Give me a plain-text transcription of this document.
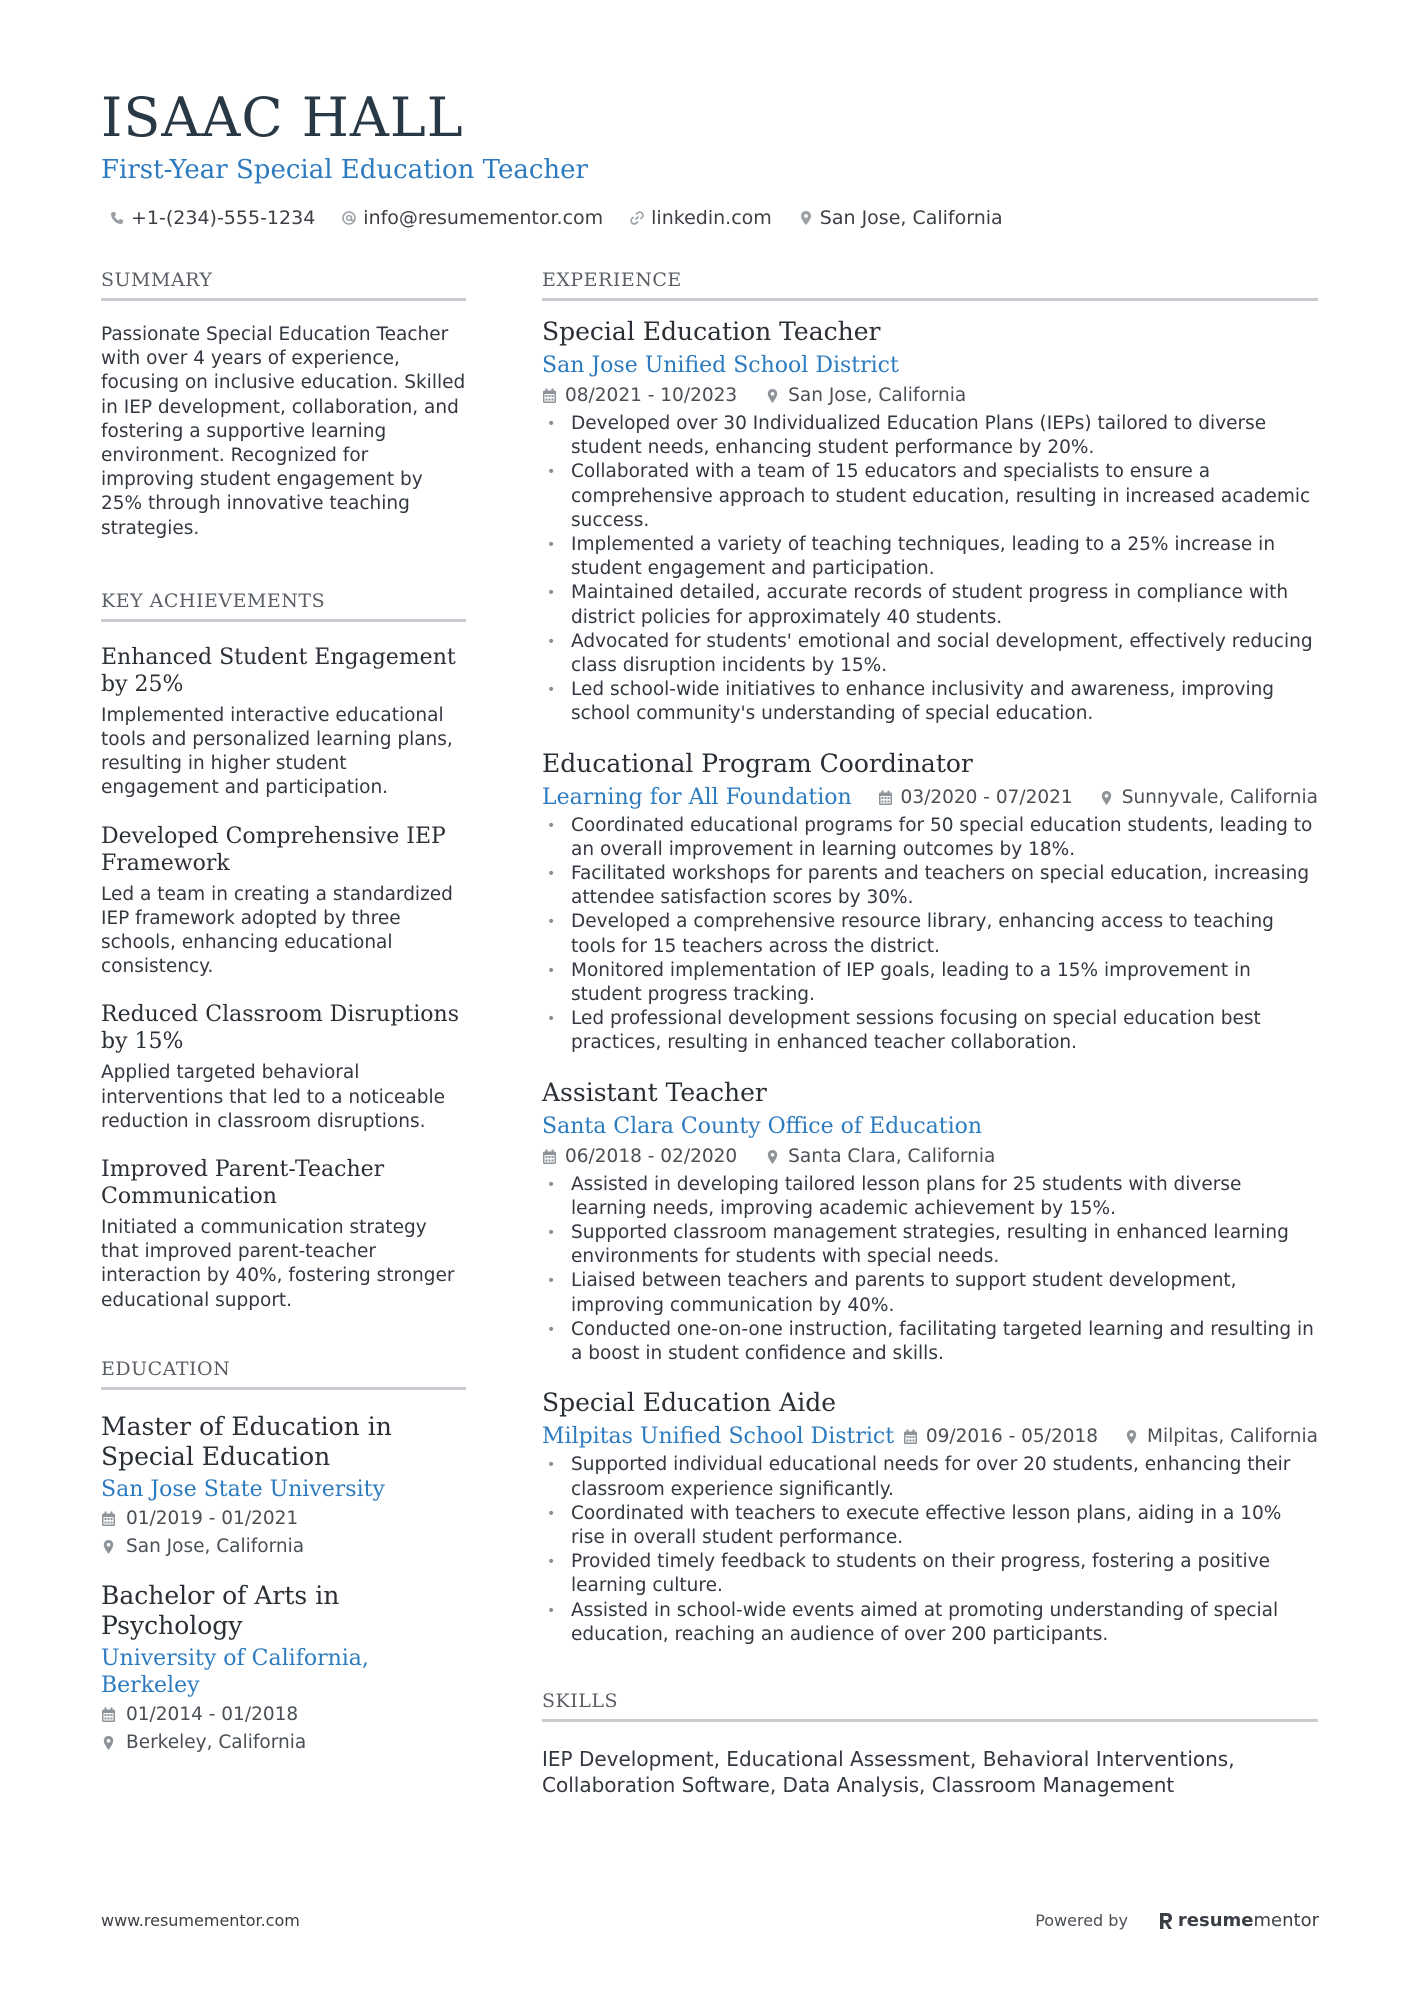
ISAAC HALL
First-Year Special Education Teacher
+1-(234)-555-1234	info@resumementor.com	linkedin.com	San Jose, California
SUMMARY
Passionate Special Education Teacher with over 4 years of experience, focusing on inclusive education. Skilled in IEP development, collaboration, and fostering a supportive learning environment. Recognized for improving student engagement by 25% through innovative teaching strategies.
KEY ACHIEVEMENTS
Enhanced Student Engagement by 25%
Implemented interactive educational tools and personalized learning plans, resulting in higher student engagement and participation.
Developed Comprehensive IEP Framework
Led a team in creating a standardized IEP framework adopted by three schools, enhancing educational consistency.
Reduced Classroom Disruptions by 15%
Applied targeted behavioral interventions that led to a noticeable reduction in classroom disruptions.
Improved Parent-Teacher Communication
Initiated a communication strategy that improved parent-teacher interaction by 40%, fostering stronger educational support.
EDUCATION
Master of Education in Special Education
San Jose State University
01/2019 - 01/2021
San Jose, California
Bachelor of Arts in Psychology
University of California, Berkeley
01/2014 - 01/2018
Berkeley, California
EXPERIENCE
Special Education Teacher
San Jose Unified School District
08/2021 - 10/2023	San Jose, California
• Developed over 30 Individualized Education Plans (IEPs) tailored to diverse student needs, enhancing student performance by 20%.
• Collaborated with a team of 15 educators and specialists to ensure a comprehensive approach to student education, resulting in increased academic success.
• Implemented a variety of teaching techniques, leading to a 25% increase in student engagement and participation.
• Maintained detailed, accurate records of student progress in compliance with district policies for approximately 40 students.
• Advocated for students' emotional and social development, effectively reducing class disruption incidents by 15%.
• Led school-wide initiatives to enhance inclusivity and awareness, improving school community's understanding of special education.
Educational Program Coordinator
Learning for All Foundation	03/2020 - 07/2021	Sunnyvale, California
• Coordinated educational programs for 50 special education students, leading to an overall improvement in learning outcomes by 18%.
• Facilitated workshops for parents and teachers on special education, increasing attendee satisfaction scores by 30%.
• Developed a comprehensive resource library, enhancing access to teaching tools for 15 teachers across the district.
• Monitored implementation of IEP goals, leading to a 15% improvement in student progress tracking.
• Led professional development sessions focusing on special education best practices, resulting in enhanced teacher collaboration.
Assistant Teacher
Santa Clara County Office of Education
06/2018 - 02/2020	Santa Clara, California
• Assisted in developing tailored lesson plans for 25 students with diverse learning needs, improving academic achievement by 15%.
• Supported classroom management strategies, resulting in enhanced learning environments for students with special needs.
• Liaised between teachers and parents to support student development, improving communication by 40%.
• Conducted one-on-one instruction, facilitating targeted learning and resulting in a boost in student confidence and skills.
Special Education Aide
Milpitas Unified School District 09/2016 - 05/2018	Milpitas, California
• Supported individual educational needs for over 20 students, enhancing their classroom experience significantly.
• Coordinated with teachers to execute effective lesson plans, aiding in a 10% rise in overall student performance.
• Provided timely feedback to students on their progress, fostering a positive learning culture.
• Assisted in school-wide events aimed at promoting understanding of special education, reaching an audience of over 200 participants.
SKILLS
IEP Development, Educational Assessment, Behavioral Interventions, Collaboration Software, Data Analysis, Classroom Management
www.resumementor.com	Powered by	resume mentor
